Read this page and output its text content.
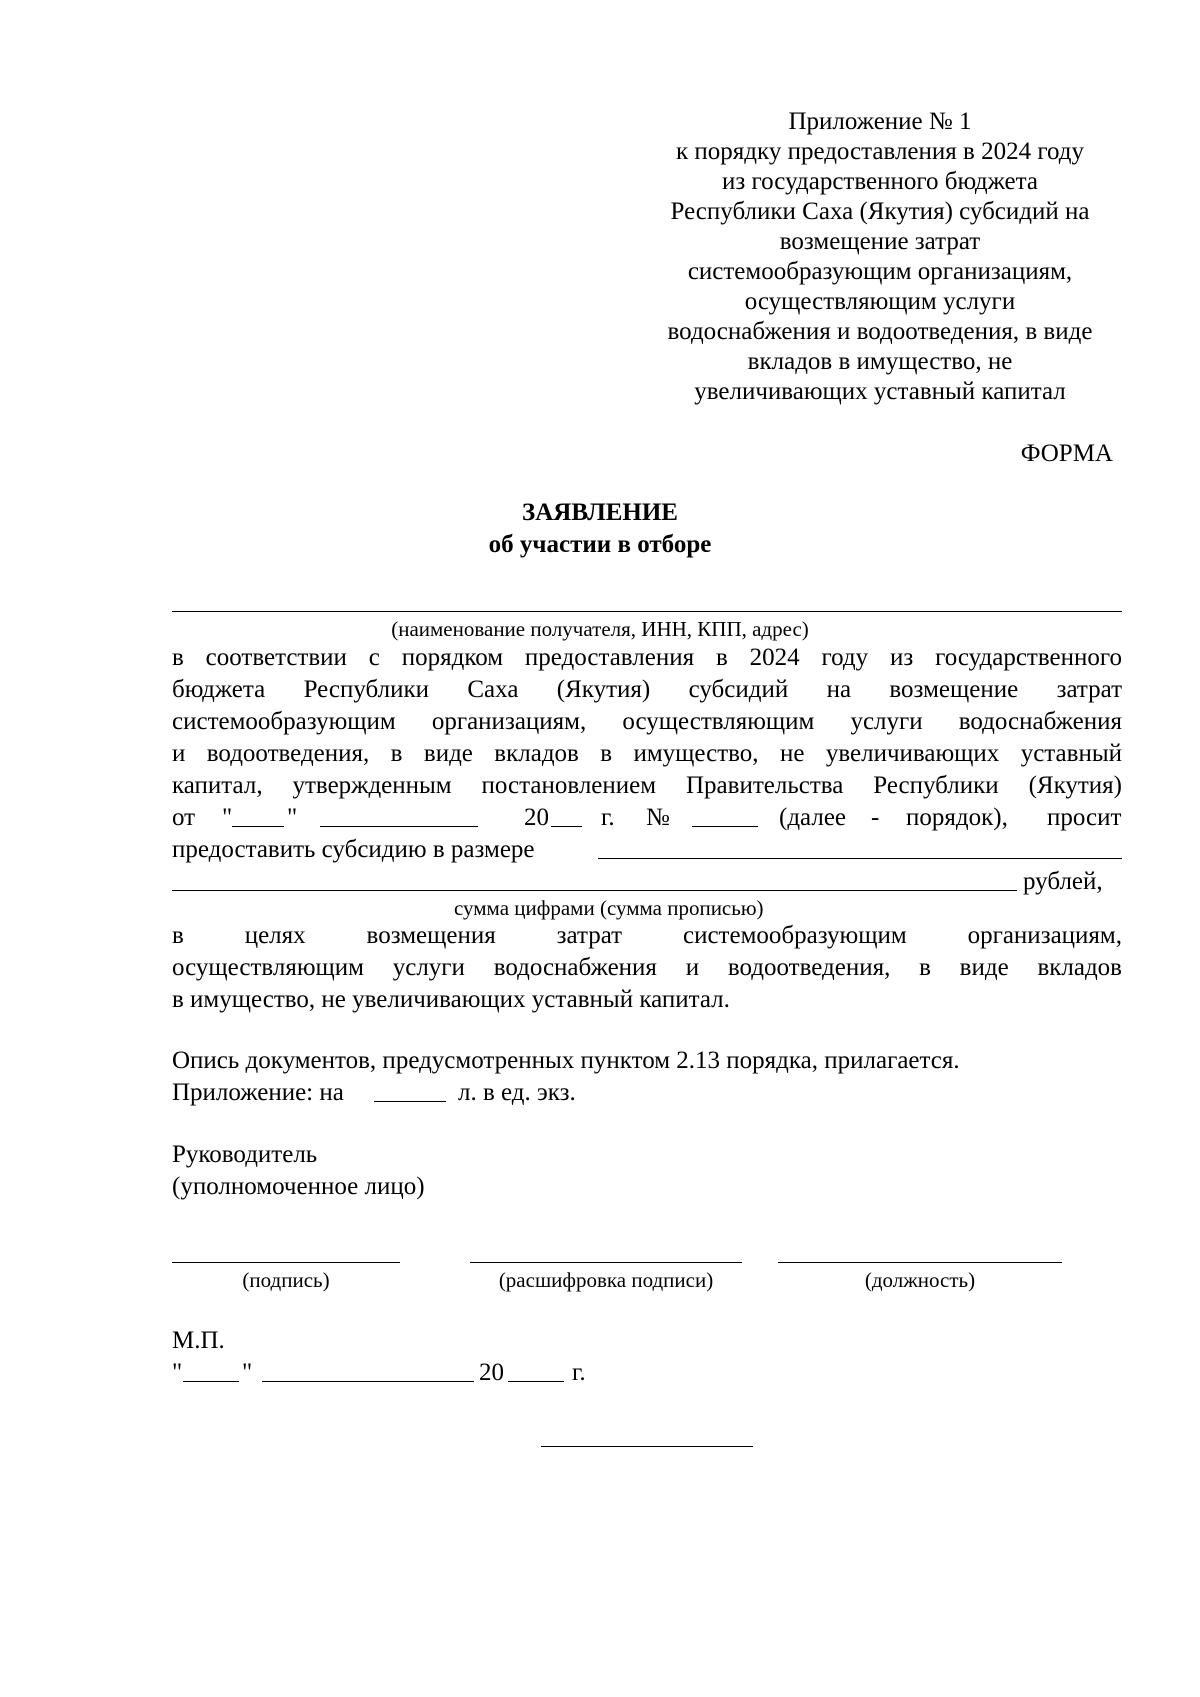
Приложение № 1
к порядку предоставления в 2024 году
из государственного бюджета
Республики Саха (Якутия) субсидий на
возмещение затрат
системообразующим организациям,
осуществляющим услуги
водоснабжения и водоотведения, в виде
вкладов в имущество, не
увеличивающих уставный капитал
ФОРМА
ЗАЯВЛЕНИЕ
об участии в отборе
(наименование получателя, ИНН, КПП, адрес)
в соответствии с порядком предоставления в 2024 году из государственного
бюджета Республики Саха (Якутия) субсидий на возмещение затрат
системообразующим организациям, осуществляющим услуги водоснабжения
и водоотведения, в виде вкладов в имущество, не увеличивающих уставный
капитал, утвержденным постановлением Правительства Республики (Якутия)
от " "	20 г. №	(далее - порядок), просит
предоставить субсидию в размере
рублей,
сумма цифрами (сумма прописью)
в целях возмещения затрат системообразующим организациям,
осуществляющим услуги водоснабжения и водоотведения, в виде вкладов
в имущество, не увеличивающих уставный капитал.
Опись документов, предусмотренных пунктом 2.13 порядка, прилагается.
Приложение: на	л. в ед. экз.
Руководитель
(уполномоченное лицо)
(подпись)	(расшифровка подписи)	(должность)
М.П.
" "	20	г.
